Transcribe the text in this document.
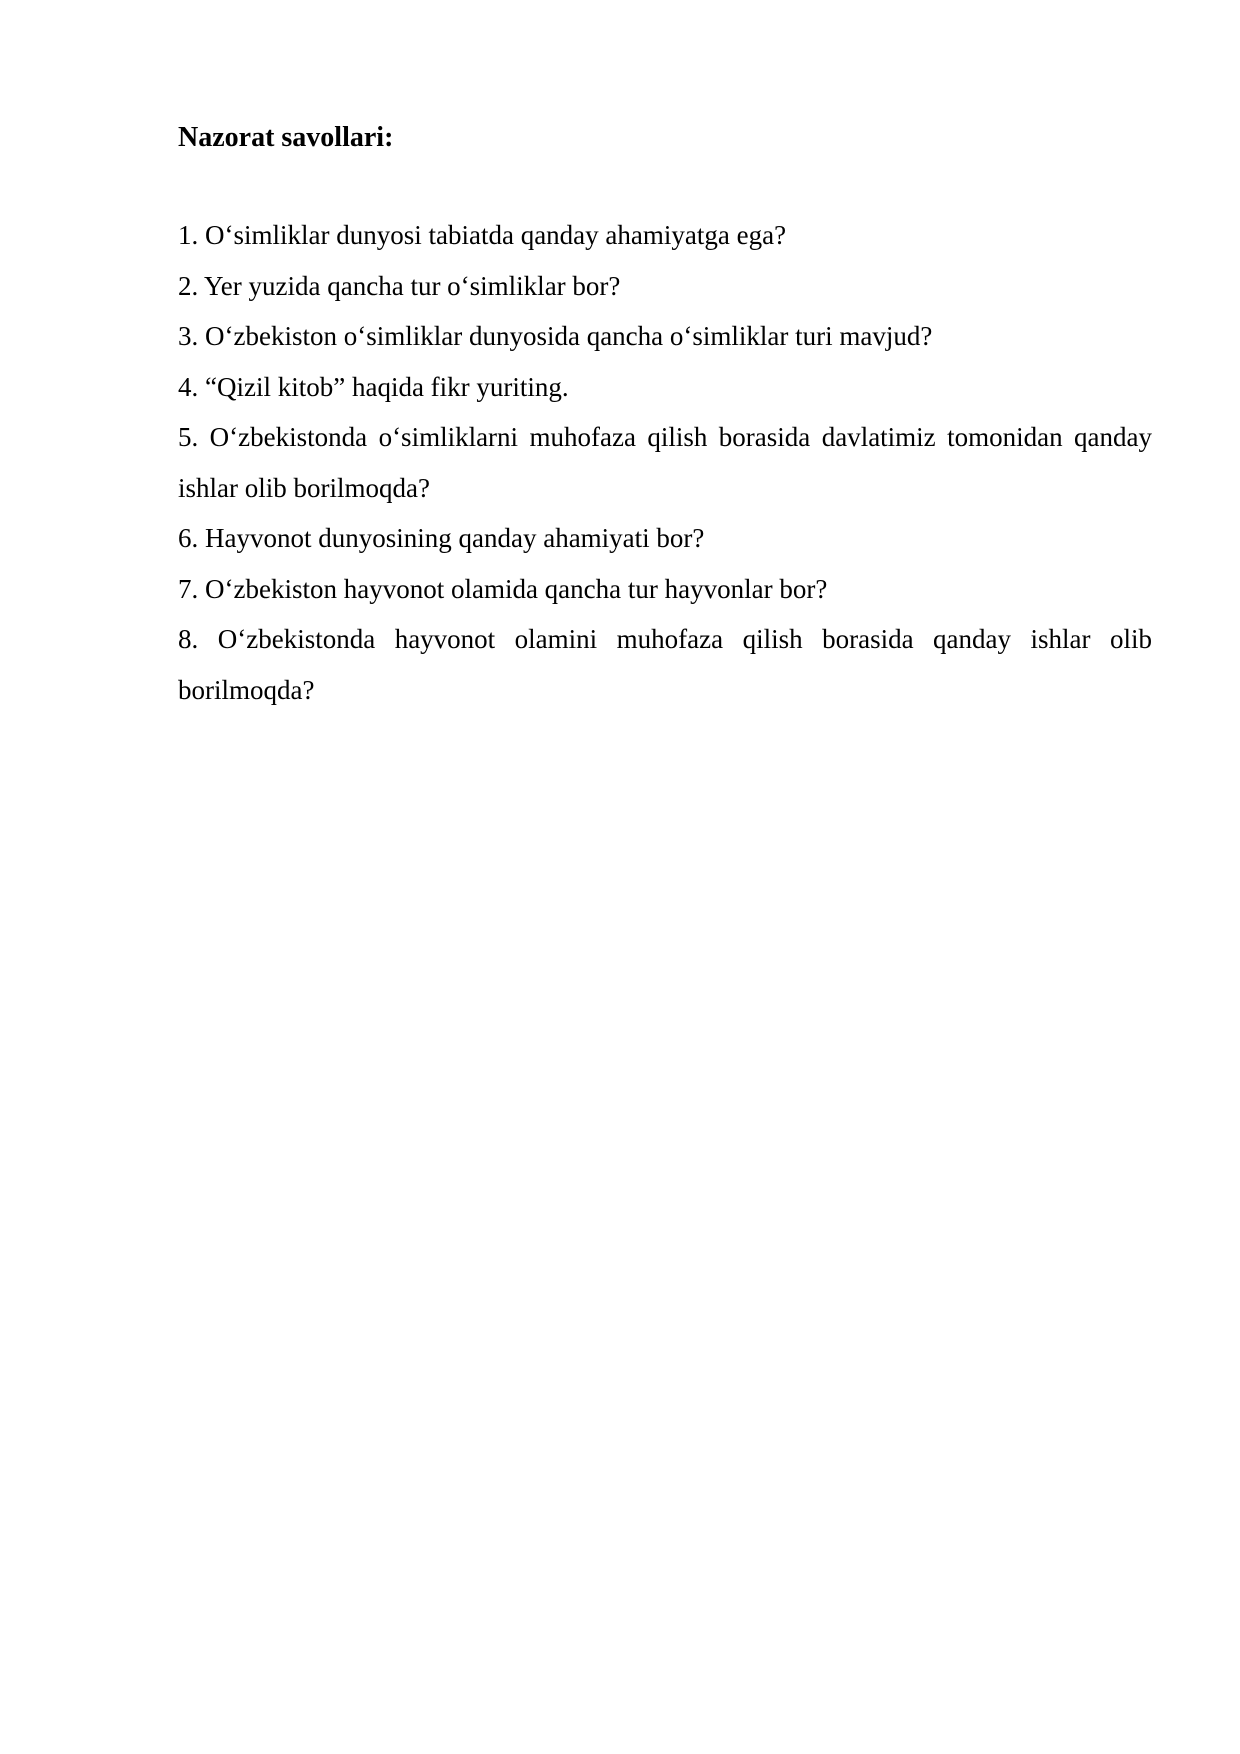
Nazorat savollari:
1. O‘simliklar dunyosi tabiatda qanday ahamiyatga ega?
2. Yer yuzida qancha tur o‘simliklar bor?
3. O‘zbekiston o‘simliklar dunyosida qancha o‘simliklar turi mavjud?
4. “Qizil kitob” haqida fikr yuriting.
5. O‘zbekistonda o‘simliklarni muhofaza qilish borasida davlatimiz tomonidan qanday ishlar olib borilmoqda?
6. Hayvonot dunyosining qanday ahamiyati bor?
7. O‘zbekiston hayvonot olamida qancha tur hayvonlar bor?
8. O‘zbekistonda hayvonot olamini muhofaza qilish borasida qanday ishlar olib borilmoqda?
